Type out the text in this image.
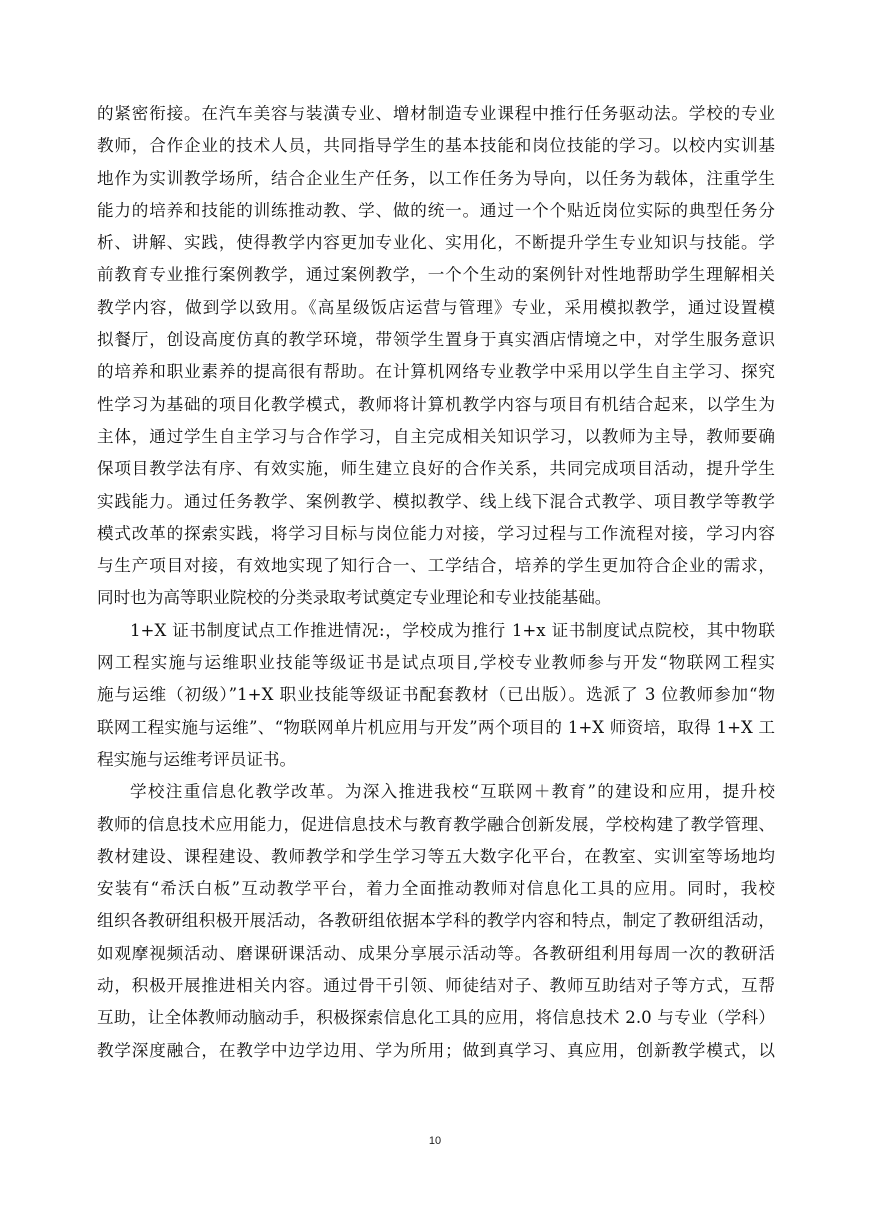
的紧密衔接。在汽车美容与装潢专业、增材制造专业课程中推行任务驱动法。学校的专业
教师，合作企业的技术人员，共同指导学生的基本技能和岗位技能的学习。以校内实训基
地作为实训教学场所，结合企业生产任务，以工作任务为导向，以任务为载体，注重学生
能力的培养和技能的训练推动教、学、做的统一。通过一个个贴近岗位实际的典型任务分
析、讲解、实践，使得教学内容更加专业化、实用化，不断提升学生专业知识与技能。学
前教育专业推行案例教学，通过案例教学，一个个生动的案例针对性地帮助学生理解相关
教学内容，做到学以致用。《高星级饭店运营与管理》专业，采用模拟教学，通过设置模
拟餐厅，创设高度仿真的教学环境，带领学生置身于真实酒店情境之中，对学生服务意识
的培养和职业素养的提高很有帮助。在计算机网络专业教学中采用以学生自主学习、探究
性学习为基础的项目化教学模式，教师将计算机教学内容与项目有机结合起来，以学生为
主体，通过学生自主学习与合作学习，自主完成相关知识学习，以教师为主导，教师要确
保项目教学法有序、有效实施，师生建立良好的合作关系，共同完成项目活动，提升学生
实践能力。通过任务教学、案例教学、模拟教学、线上线下混合式教学、项目教学等教学
模式改革的探索实践，将学习目标与岗位能力对接，学习过程与工作流程对接，学习内容
与生产项目对接，有效地实现了知行合一、工学结合，培养的学生更加符合企业的需求，
同时也为高等职业院校的分类录取考试奠定专业理论和专业技能基础。
1+X 证书制度试点工作推进情况:，学校成为推行 1+x 证书制度试点院校，其中物联
网工程实施与运维职业技能等级证书是试点项目,学校专业教师参与开发“物联网工程实
施与运维（初级）”1+X 职业技能等级证书配套教材（已出版）。选派了 3 位教师参加“物
联网工程实施与运维”、“物联网单片机应用与开发”两个项目的 1+X 师资培，取得 1+X 工
程实施与运维考评员证书。
学校注重信息化教学改革。为深入推进我校“互联网＋教育”的建设和应用，提升校
教师的信息技术应用能力，促进信息技术与教育教学融合创新发展，学校构建了教学管理、
教材建设、课程建设、教师教学和学生学习等五大数字化平台，在教室、实训室等场地均
安装有“希沃白板”互动教学平台，着力全面推动教师对信息化工具的应用。同时，我校
组织各教研组积极开展活动，各教研组依据本学科的教学内容和特点，制定了教研组活动，
如观摩视频活动、磨课研课活动、成果分享展示活动等。各教研组利用每周一次的教研活
动，积极开展推进相关内容。通过骨干引领、师徒结对子、教师互助结对子等方式，互帮
互助，让全体教师动脑动手，积极探索信息化工具的应用，将信息技术 2.0 与专业（学科）
教学深度融合，在教学中边学边用、学为所用；做到真学习、真应用，创新教学模式，以
10
